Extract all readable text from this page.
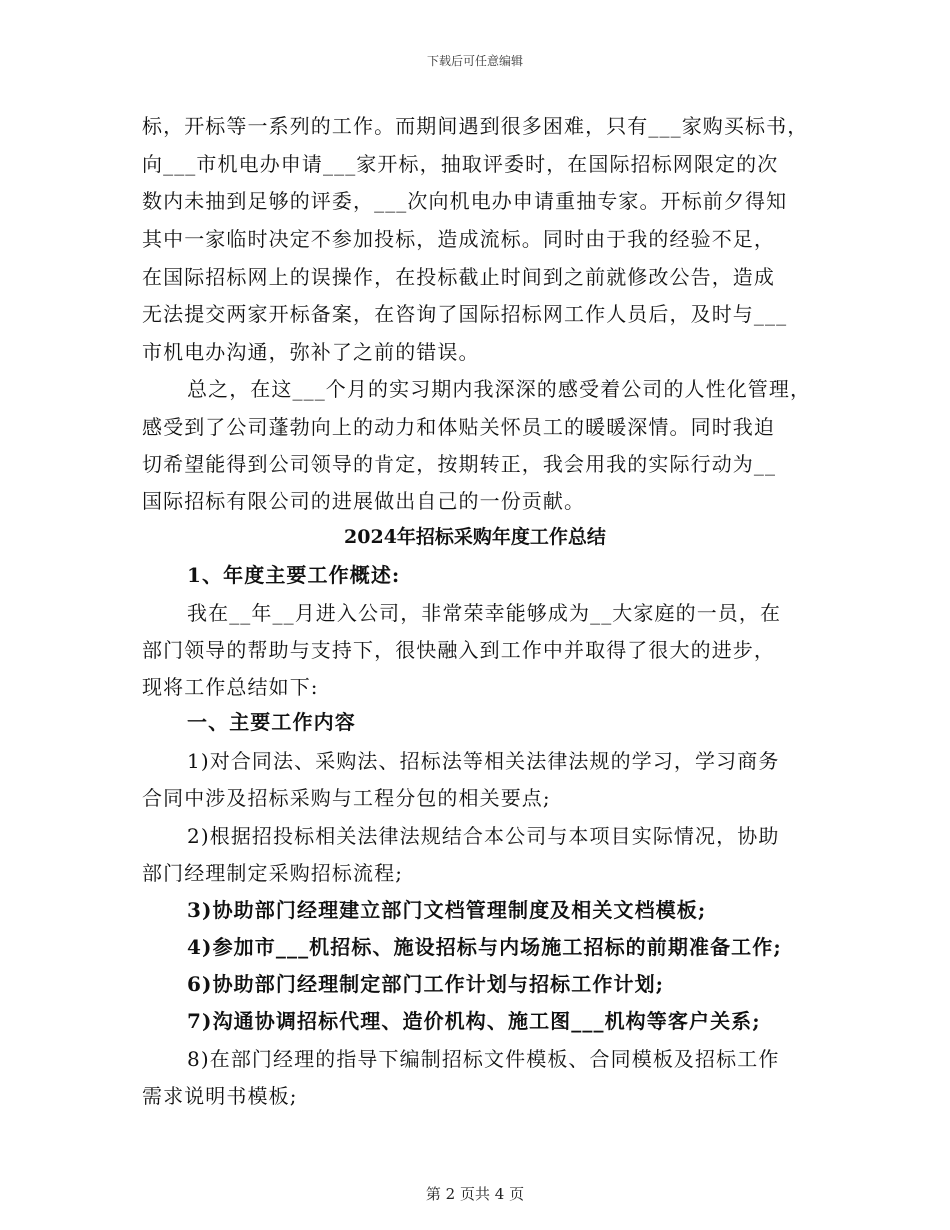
下载后可任意编辑
标，开标等一系列的工作。而期间遇到很多困难，只有___家购买标书，
向___市机电办申请___家开标，抽取评委时，在国际招标网限定的次
数内未抽到足够的评委，___次向机电办申请重抽专家。开标前夕得知
其中一家临时决定不参加投标，造成流标。同时由于我的经验不足，
在国际招标网上的误操作，在投标截止时间到之前就修改公告，造成
无法提交两家开标备案，在咨询了国际招标网工作人员后，及时与___
市机电办沟通，弥补了之前的错误。
总之，在这___个月的实习期内我深深的感受着公司的人性化管理，
感受到了公司蓬勃向上的动力和体贴关怀员工的暖暖深情。同时我迫
切希望能得到公司领导的肯定，按期转正，我会用我的实际行动为__
国际招标有限公司的进展做出自己的一份贡献。
2024年招标采购年度工作总结
1、年度主要工作概述:
我在__年__月进入公司，非常荣幸能够成为__大家庭的一员，在
部门领导的帮助与支持下，很快融入到工作中并取得了很大的进步，
现将工作总结如下:
一、主要工作内容
1)对合同法、采购法、招标法等相关法律法规的学习，学习商务
合同中涉及招标采购与工程分包的相关要点;
2)根据招投标相关法律法规结合本公司与本项目实际情况，协助
部门经理制定采购招标流程;
3)协助部门经理建立部门文档管理制度及相关文档模板;
4)参加市___机招标、施设招标与内场施工招标的前期准备工作;
6)协助部门经理制定部门工作计划与招标工作计划;
7)沟通协调招标代理、造价机构、施工图___机构等客户关系;
8)在部门经理的指导下编制招标文件模板、合同模板及招标工作
需求说明书模板;
第 2 页共 4 页
